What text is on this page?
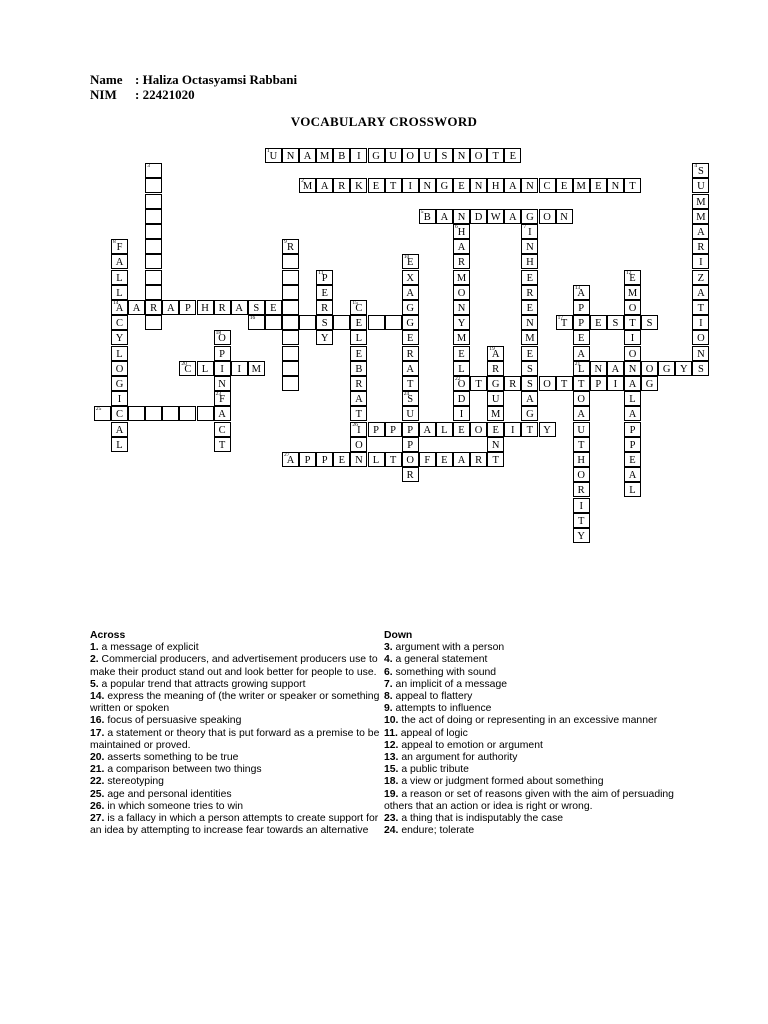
Name : Haliza Octasyamsi Rabbani
NIM	: 22421020
VOCABULARY CROSSWORD
U
1	N A M B	I	G U O U S N O T	E
M
2	A R K E	T	I	N G E N H A N C E M E N T
B
5	A N D W A G O N
A
14	A R A P H R A S	E
16	S	E	T
17	P	E	S	T	S
C
20	L	I	I	M	L
21	N A N O G Y
O
22	T G R	S O T	T	P	I	A G
25	C	A
I
26	P	P	P A L	E O E	I	T Y
A
27	P	P	E N L	T O F	E A R
3	S
4
U
M
M
A
R
I
Z
A
T
I
O
N
S
H
6
A
R
M
O
N
Y
M
E
L
D
I
I
7
N
H
E
R
E
N
M
E
S
A
G
F
8
A
L
L
C
Y
L
O
G
I
A
L
R
9
E
10
X
A
G
G
E
R
A
T
S
24
U
P
11
E
R
Y
E
12
M
O
I
O
L
A
P
P
E
A
L
A
13
P
E
A
O
A
U
T
H
O
R
I
T
Y
C
15
L
E
B
R
A
T
O
O
18
P
N
F
23
C
A
19
R
U
M
N
T
T	P
R
Across
1. a message of explicit
2. Commercial producers, and advertisement producers use to make their product stand out and look better for people to use.
5. a popular trend that attracts growing support
14. express the meaning of (the writer or speaker or something written or spoken
16. focus of persuasive speaking
17. a statement or theory that is put forward as a premise to be maintained or proved.
20. asserts something to be true
21. a comparison between two things
22. stereotyping
25. age and personal identities
26. in which someone tries to win
27. is a fallacy in which a person attempts to create support for an idea by attempting to increase fear towards an alternative
Down
3. argument with a person
4. a general statement
6. something with sound
7. an implicit of a message
8. appeal to flattery
9. attempts to influence
10. the act of doing or representing in an excessive manner
11. appeal of logic
12. appeal to emotion or argument
13. an argument for authority
15. a public tribute
18. a view or judgment formed about something
19. a reason or set of reasons given with the aim of persuading others that an action or idea is right or wrong.
23. a thing that is indisputably the case
24. endure; tolerate
